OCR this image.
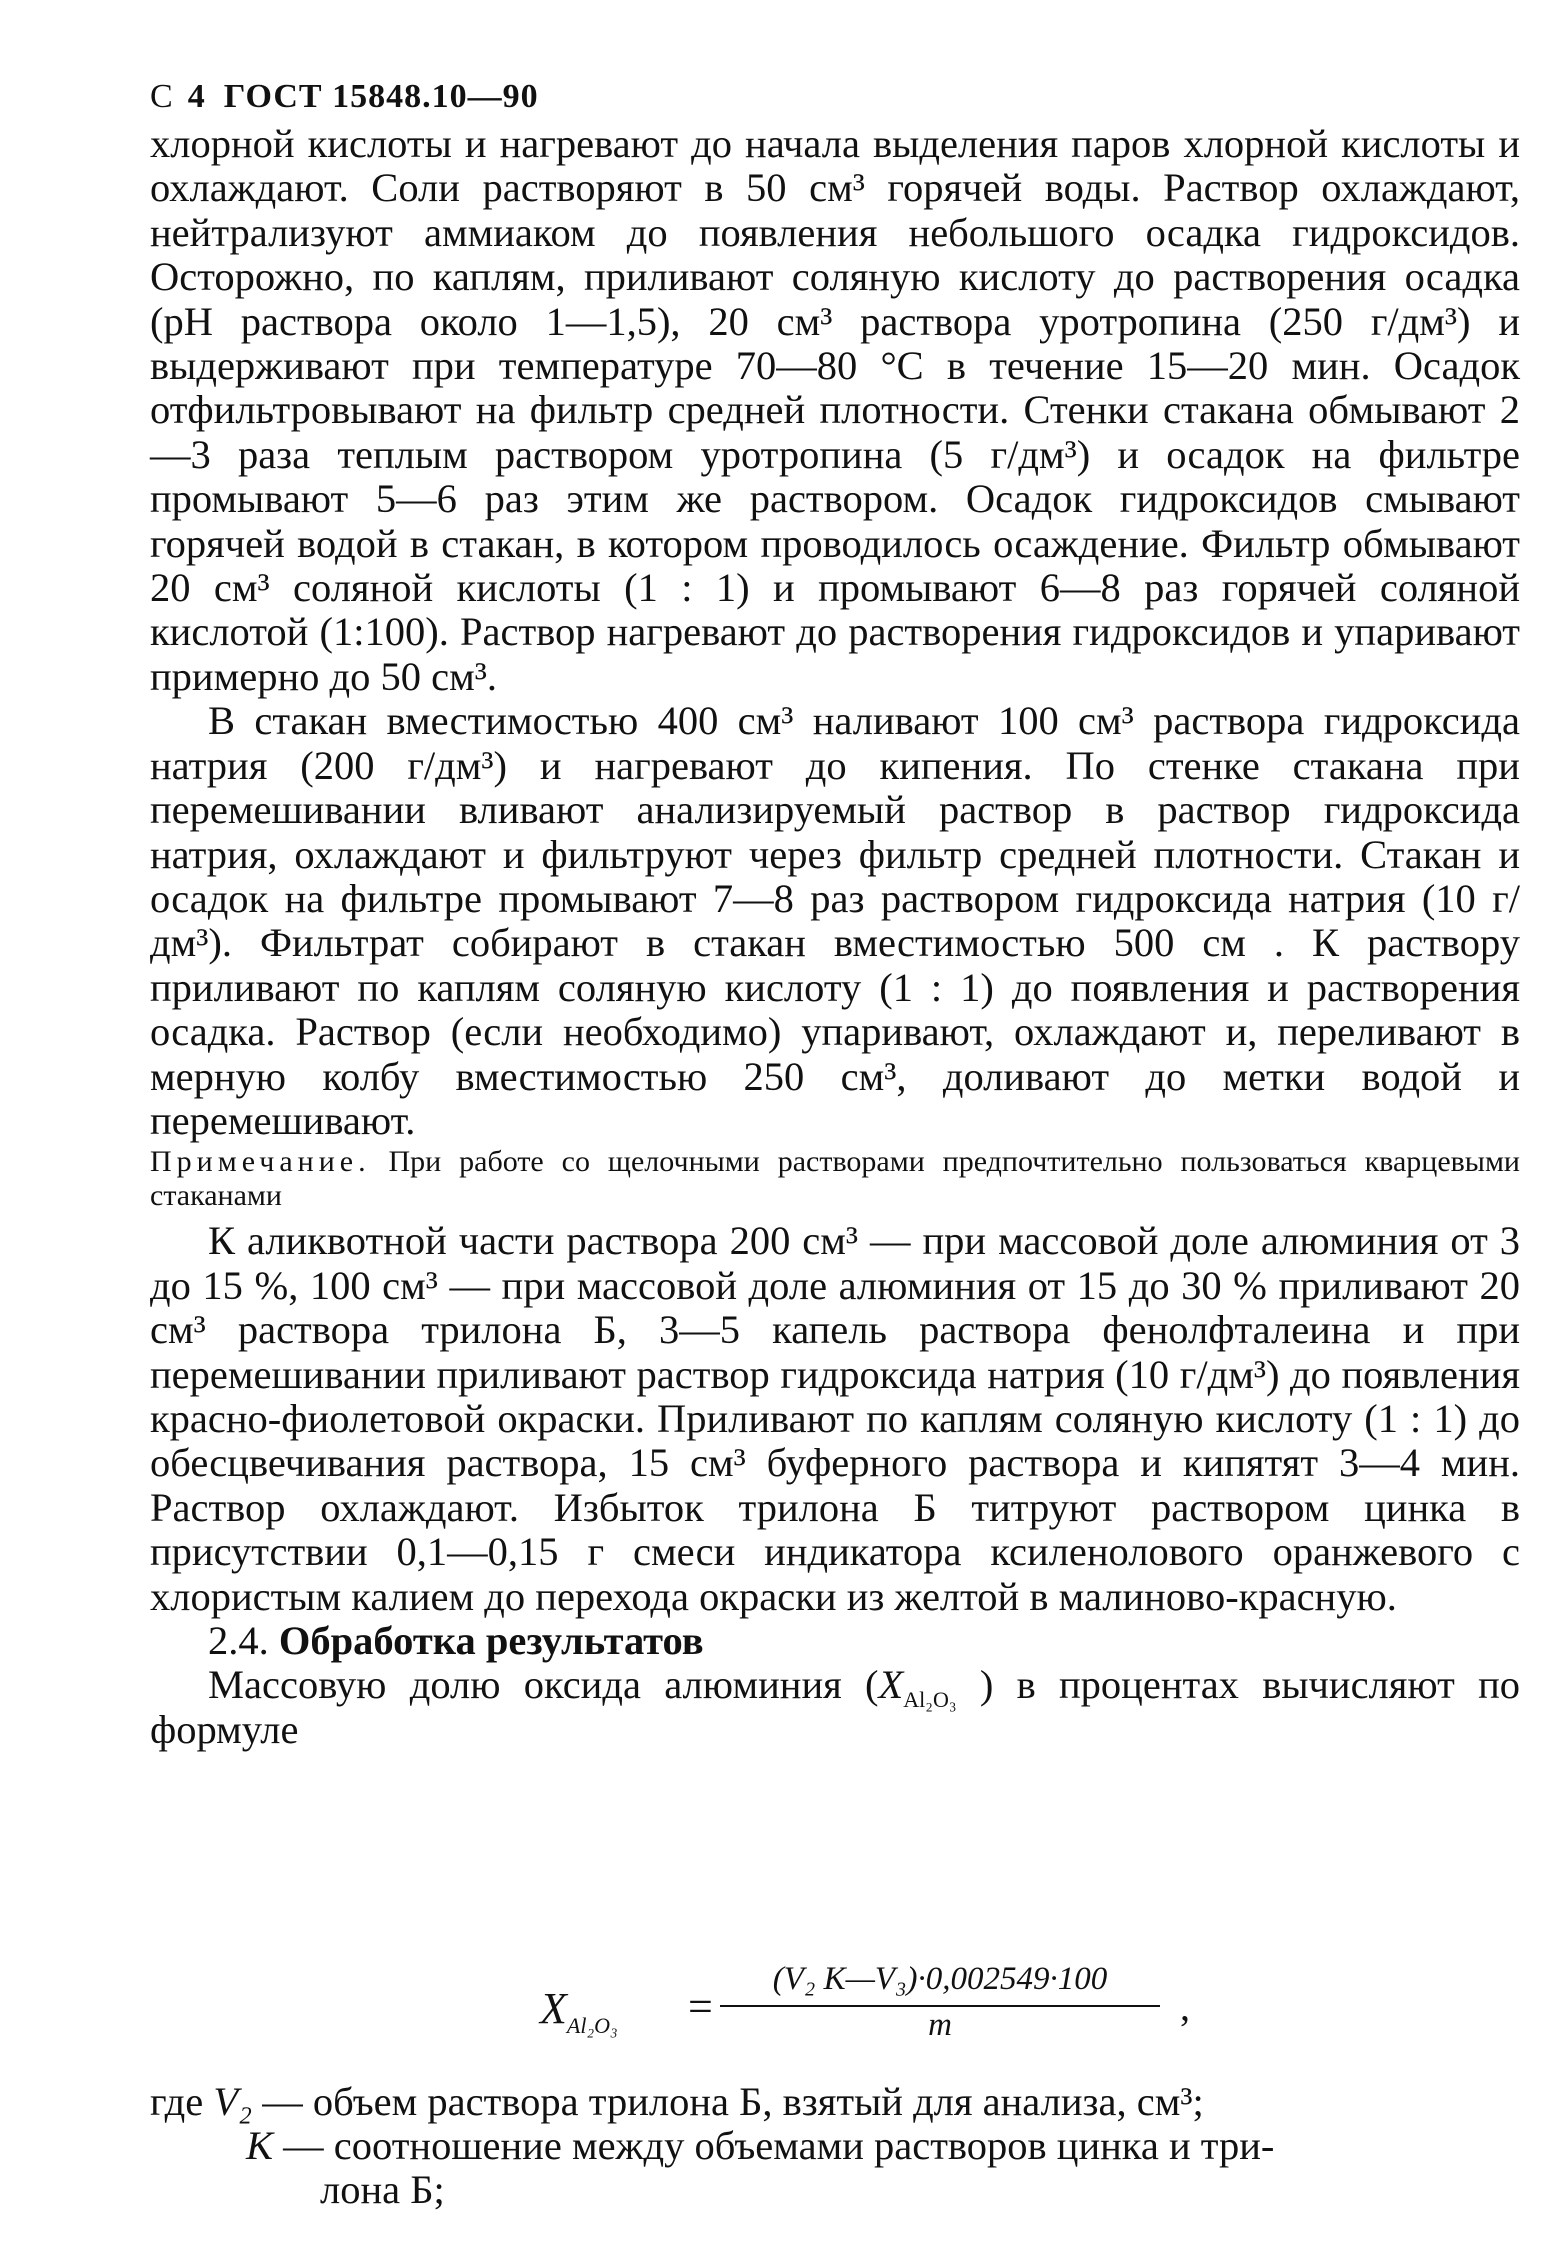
С 4 ГОСТ 15848.10—90

хлорной кислоты и нагревают до начала выделения паров хлорной кислоты и охлаждают. Соли растворяют в 50 см³ горячей воды. Раствор охлаждают, нейтрализуют аммиаком до появления небольшого осадка гидроксидов. Осторожно, по каплям, приливают соляную кислоту до растворения осадка (pH раствора около 1—1,5), 20 см³ раствора уротропина (250 г/дм³) и выдерживают при температуре 70—80 °С в течение 15—20 мин. Осадок отфильтровывают на фильтр средней плотности. Стенки стакана обмывают 2—3 раза теплым раствором уротропина (5 г/дм³) и осадок на фильтре промывают 5—6 раз этим же раствором. Осадок гидроксидов смывают горячей водой в стакан, в котором проводилось осаждение. Фильтр обмывают 20 см³ соляной кислоты (1 : 1) и промывают 6—8 раз горячей соляной кислотой (1:100). Раствор нагревают до растворения гидроксидов и упаривают примерно до 50 см³.

В стакан вместимостью 400 см³ наливают 100 см³ раствора гидроксида натрия (200 г/дм³) и нагревают до кипения. По стенке стакана при перемешивании вливают анализируемый раствор в раствор гидроксида натрия, охлаждают и фильтруют через фильтр средней плотности. Стакан и осадок на фильтре промывают 7—8 раз раствором гидроксида натрия (10 г/дм³). Фильтрат собирают в стакан вместимостью 500 см . К раствору приливают по каплям соляную кислоту (1 : 1) до появления и растворения осадка. Раствор (если необходимо) упаривают, охлаждают и, переливают в мерную колбу вместимостью 250 см³, доливают до метки водой и перемешивают.

Примечание. При работе со щелочными растворами предпочтительно пользоваться кварцевыми стаканами

К аликвотной части раствора 200 см³ — при массовой доле алюминия от 3 до 15 %, 100 см³ — при массовой доле алюминия от 15 до 30 % приливают 20 см³ раствора трилона Б, 3—5 капель раствора фенолфталеина и при перемешивании приливают раствор гидроксида натрия (10 г/дм³) до появления красно-фиолетовой окраски. Приливают по каплям соляную кислоту (1 : 1) до обесцвечивания раствора, 15 см³ буферного раствора и кипятят 3—4 мин. Раствор охлаждают. Избыток трилона Б титруют раствором цинка в присутствии 0,1—0,15 г смеси индикатора ксиленолового оранжевого с хлористым калием до перехода окраски из желтой в малиново-красную.

2.4. Обработка результатов

Массовую долю оксида алюминия ($X_{Al_2O_3}$ ) в процентах вычисляют по формуле

$X_{Al_2O_3}$ =
(V₂ K—V₃)·0,002549·100
m	,
где V₂ — объем раствора трилона Б, взятый для анализа, см³;
K — соотношение между объемами растворов цинка и три-
лона Б;
